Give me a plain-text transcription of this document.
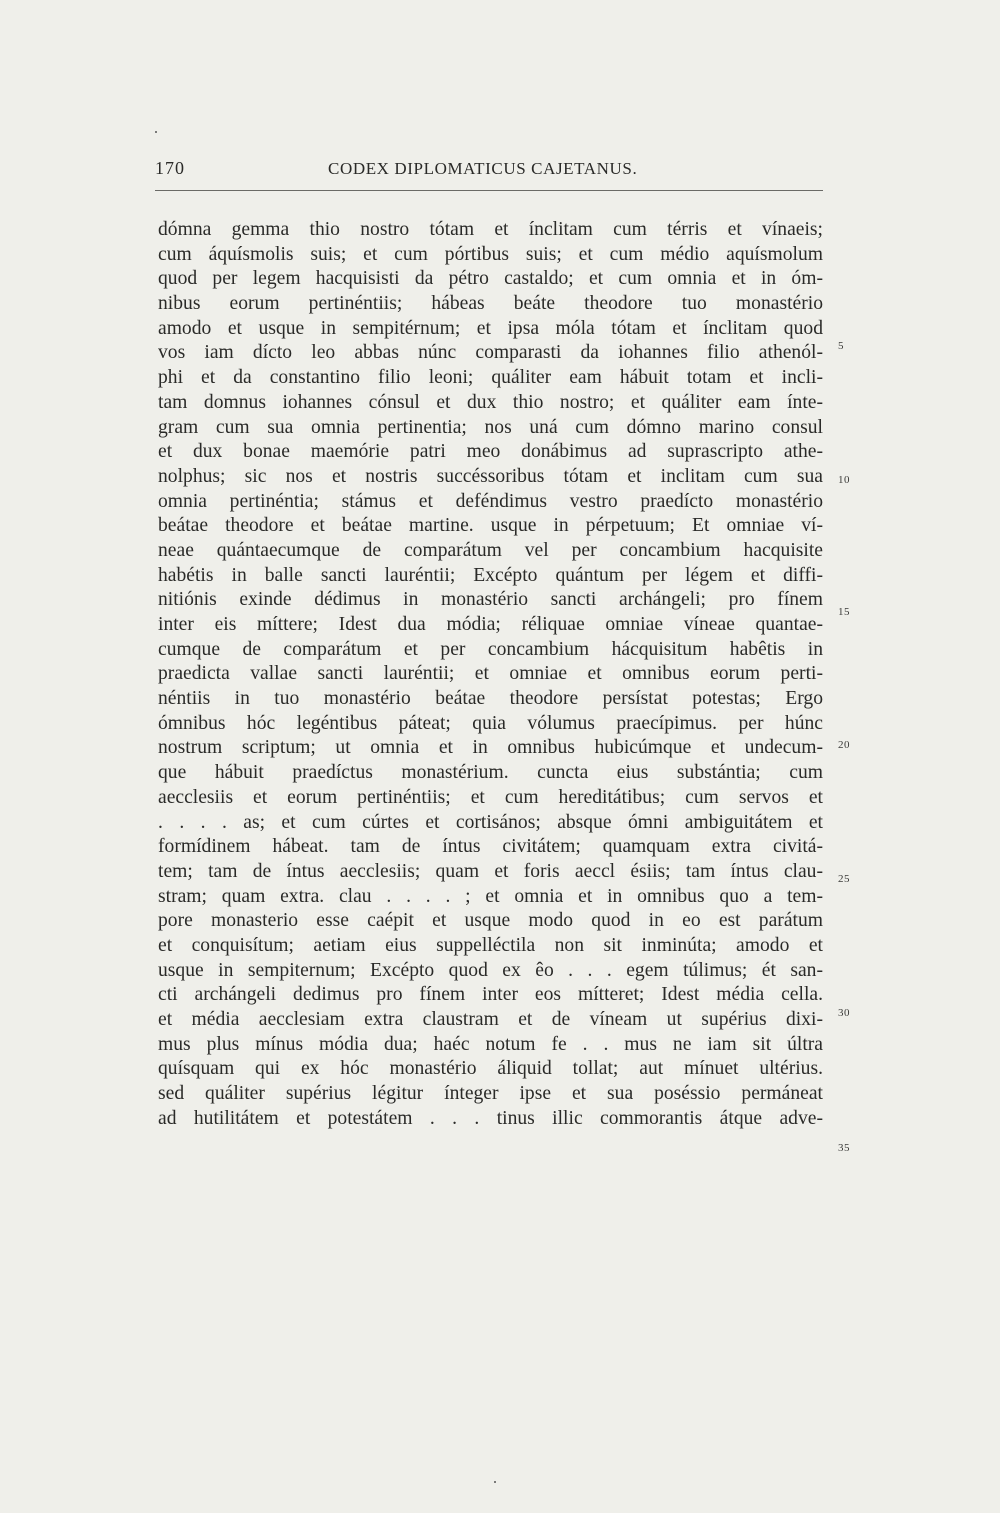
170	CODEX DIPLOMATICUS CAJETANUS.
dómna gemma thio nostro tótam et ínclitam cum térris et vínaeis;
cum áquísmolis suis; et cum pórtibus suis; et cum médio aquísmolum
quod per legem hacquisisti da pétro castaldo; et cum omnia et in óm-
nibus eorum pertinéntiis; hábeas beáte theodore tuo monastério
amodo et usque in sempitérnum; et ipsa móla tótam et ínclitam quod
vos iam dícto leo abbas núnc comparasti da iohannes filio athenól-
phi et da constantino filio leoni; quáliter eam hábuit totam et incli-
tam domnus iohannes cónsul et dux thio nostro; et quáliter eam ínte-
gram cum sua omnia pertinentia; nos uná cum dómno marino consul
et dux bonae maemórie patri meo donábimus ad suprascripto athe-
nolphus; sic nos et nostris succéssoribus tótam et inclitam cum sua
omnia pertinéntia; stámus et deféndimus vestro praedícto monastério
beátae theodore et beátae martine. usque in pérpetuum; Et omniae ví-
neae quántaecumque de comparátum vel per concambium hacquisite
habétis in balle sancti lauréntii; Excépto quántum per légem et diffi-
nitiónis exinde dédimus in monastério sancti archángeli; pro fínem
inter eis míttere; Idest dua módia; réliquae omniae víneae quantae-
cumque de comparátum et per concambium hácquisitum habêtis in
praedicta vallae sancti lauréntii; et omniae et omnibus eorum perti-
néntiis in tuo monastério beátae theodore persístat potestas; Ergo
ómnibus hóc legéntibus páteat; quia vólumus praecípimus. per húnc
nostrum scriptum; ut omnia et in omnibus hubicúmque et undecum-
que hábuit praedíctus monastérium. cuncta eius substántia; cum
aecclesiis et eorum pertinéntiis; et cum hereditátibus; cum servos et
. . . . as; et cum cúrtes et cortisános; absque ómni ambiguitátem et
formídinem hábeat. tam de íntus civitátem; quamquam extra civitá-
tem; tam de íntus aecclesiis; quam et foris aeccl ésiis; tam íntus clau-
stram; quam extra. clau . . . . ; et omnia et in omnibus quo a tem-
pore monasterio esse caépit et usque modo quod in eo est parátum
et conquisítum; aetiam eius suppelléctila non sit inminúta; amodo et
usque in sempiternum; Excépto quod ex êo . . . egem túlimus; ét san-
cti archángeli dedimus pro fínem inter eos mítteret; Idest média cella.
et média aecclesiam extra claustram et de víneam ut supérius dixi-
mus plus mínus módia dua; haéc notum fe . . mus ne iam sit últra
quísquam qui ex hóc monastério áliquid tollat; aut mínuet ultérius.
sed quáliter supérius légitur ínteger ipse et sua poséssio permáneat
ad hutilitátem et potestátem . . . tinus illic commorantis átque adve-
5
10
15
20
25
30
35
